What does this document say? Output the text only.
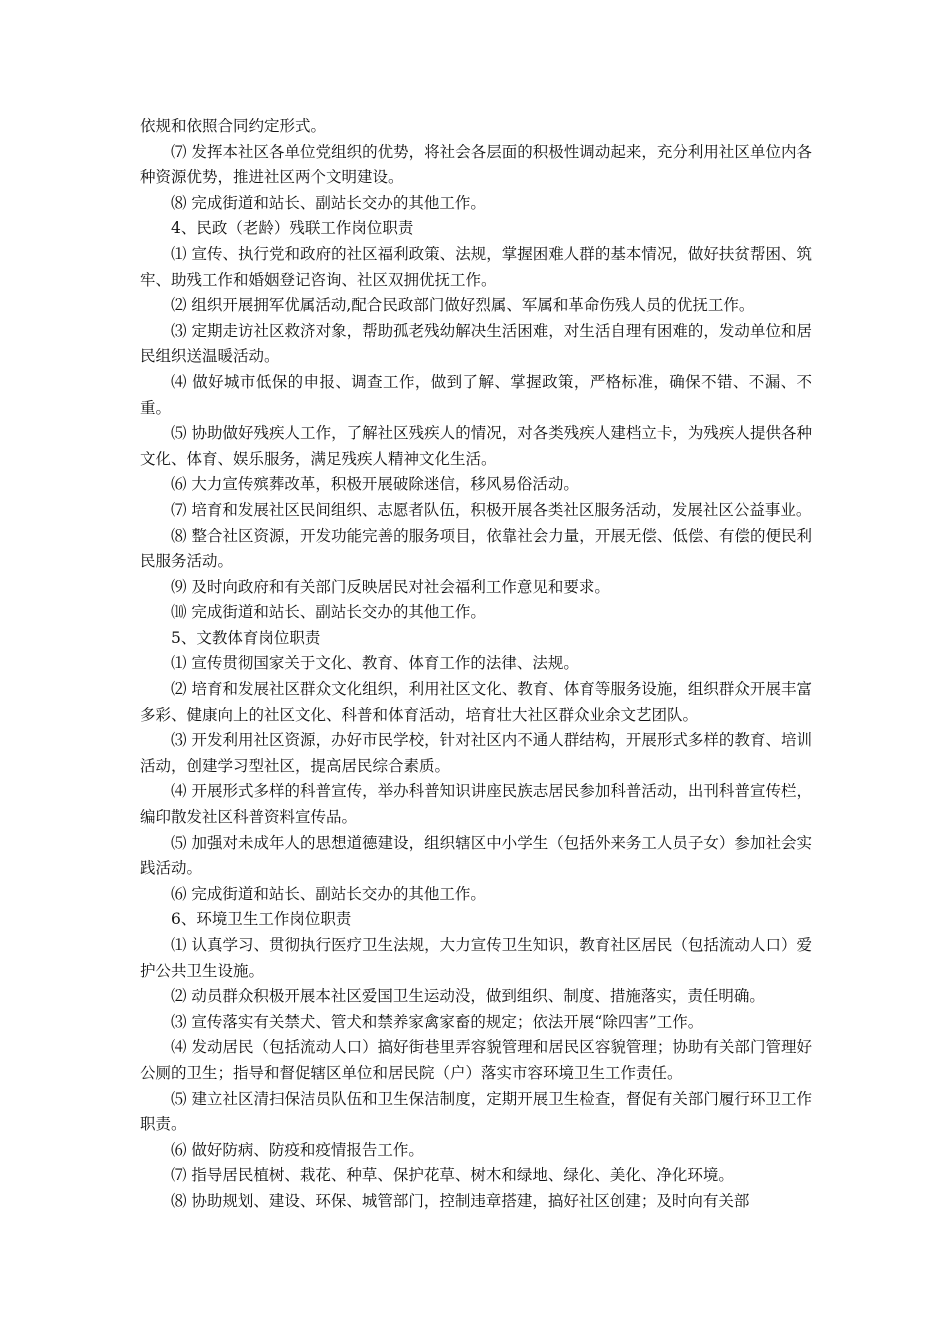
依规和依照合同约定形式。

⑺ 发挥本社区各单位党组织的优势，将社会各层面的积极性调动起来，充分利用社区单位内各种资源优势，推进社区两个文明建设。

⑻ 完成街道和站长、副站长交办的其他工作。

4、民政（老龄）残联工作岗位职责

⑴ 宣传、执行党和政府的社区福利政策、法规，掌握困难人群的基本情况，做好扶贫帮困、筑牢、助残工作和婚姻登记咨询、社区双拥优抚工作。

⑵ 组织开展拥军优属活动,配合民政部门做好烈属、军属和革命伤残人员的优抚工作。

⑶ 定期走访社区救济对象，帮助孤老残幼解决生活困难，对生活自理有困难的，发动单位和居民组织送温暖活动。

⑷ 做好城市低保的申报、调查工作，做到了解、掌握政策，严格标准，确保不错、不漏、不重。

⑸ 协助做好残疾人工作，了解社区残疾人的情况，对各类残疾人建档立卡，为残疾人提供各种文化、体育、娱乐服务，满足残疾人精神文化生活。

⑹ 大力宣传殡葬改革，积极开展破除迷信，移风易俗活动。

⑺ 培育和发展社区民间组织、志愿者队伍，积极开展各类社区服务活动，发展社区公益事业。

⑻ 整合社区资源，开发功能完善的服务项目，依靠社会力量，开展无偿、低偿、有偿的便民利民服务活动。

⑼ 及时向政府和有关部门反映居民对社会福利工作意见和要求。

⑽ 完成街道和站长、副站长交办的其他工作。

5、文教体育岗位职责

⑴ 宣传贯彻国家关于文化、教育、体育工作的法律、法规。

⑵ 培育和发展社区群众文化组织，利用社区文化、教育、体育等服务设施，组织群众开展丰富多彩、健康向上的社区文化、科普和体育活动，培育壮大社区群众业余文艺团队。

⑶ 开发利用社区资源，办好市民学校，针对社区内不通人群结构，开展形式多样的教育、培训活动，创建学习型社区，提高居民综合素质。

⑷ 开展形式多样的科普宣传，举办科普知识讲座民族志居民参加科普活动，出刊科普宣传栏，编印散发社区科普资料宣传品。

⑸ 加强对未成年人的思想道德建设，组织辖区中小学生（包括外来务工人员子女）参加社会实践活动。

⑹ 完成街道和站长、副站长交办的其他工作。

6、环境卫生工作岗位职责

⑴ 认真学习、贯彻执行医疗卫生法规，大力宣传卫生知识，教育社区居民（包括流动人口）爱护公共卫生设施。

⑵ 动员群众积极开展本社区爱国卫生运动没，做到组织、制度、措施落实，责任明确。

⑶ 宣传落实有关禁犬、管犬和禁养家禽家畜的规定；依法开展“除四害”工作。

⑷ 发动居民（包括流动人口）搞好街巷里弄容貌管理和居民区容貌管理；协助有关部门管理好公厕的卫生；指导和督促辖区单位和居民院（户）落实市容环境卫生工作责任。

⑸ 建立社区清扫保洁员队伍和卫生保洁制度，定期开展卫生检查，督促有关部门履行环卫工作职责。

⑹ 做好防病、防疫和疫情报告工作。

⑺ 指导居民植树、栽花、种草、保护花草、树木和绿地、绿化、美化、净化环境。

⑻ 协助规划、建设、环保、城管部门，控制违章搭建，搞好社区创建；及时向有关部
